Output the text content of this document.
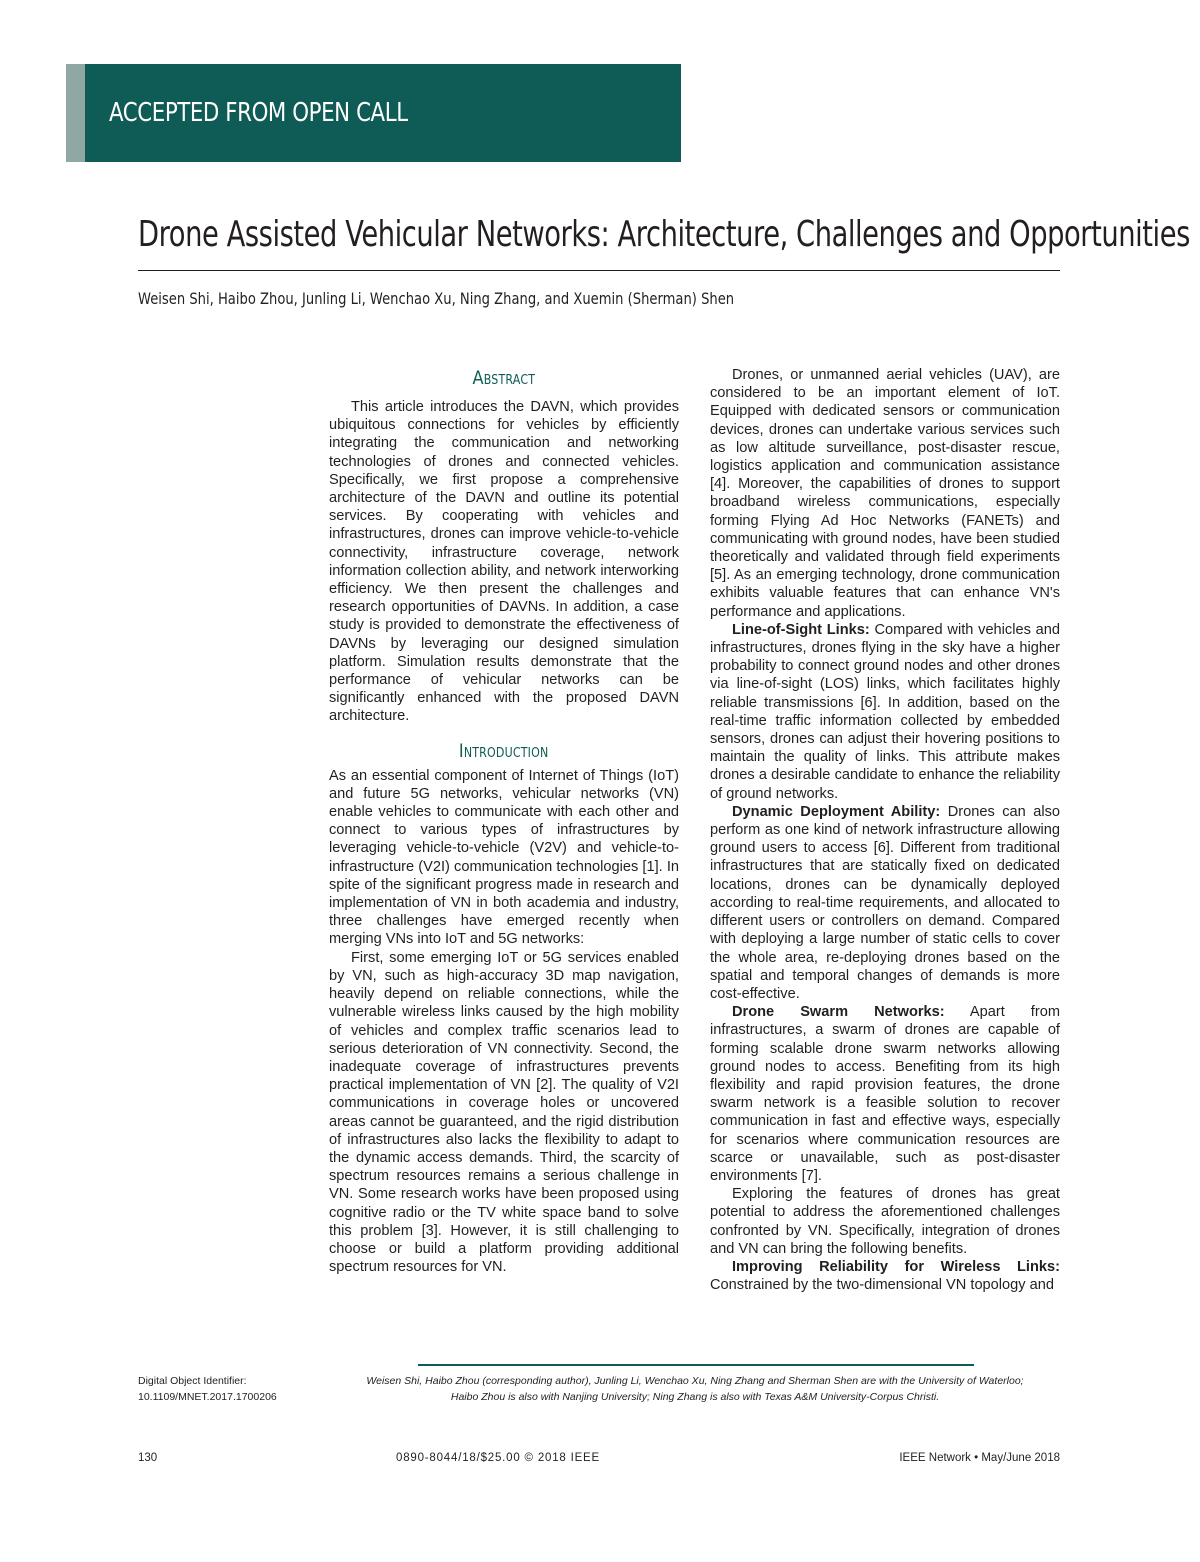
ACCEPTED FROM OPEN CALL
Drone Assisted Vehicular Networks: Architecture, Challenges and Opportunities
Weisen Shi, Haibo Zhou, Junling Li, Wenchao Xu, Ning Zhang, and Xuemin (Sherman) Shen
Abstract

This article introduces the DAVN, which provides ubiquitous connections for vehicles by efficiently integrating the communication and networking technologies of drones and connected vehicles. Specifically, we first propose a comprehensive architecture of the DAVN and outline its potential services. By cooperating with vehicles and infrastructures, drones can improve vehicle-to-vehicle connectivity, infrastructure coverage, network information collection ability, and network interworking efficiency. We then present the challenges and research opportunities of DAVNs. In addition, a case study is provided to demonstrate the effectiveness of DAVNs by leveraging our designed simulation platform. Simulation results demonstrate that the performance of vehicular networks can be significantly enhanced with the proposed DAVN architecture.

Introduction

As an essential component of Internet of Things (IoT) and future 5G networks, vehicular networks (VN) enable vehicles to communicate with each other and connect to various types of infrastructures by leveraging vehicle-to-vehicle (V2V) and vehicle-to-infrastructure (V2I) communication technologies [1]. In spite of the significant progress made in research and implementation of VN in both academia and industry, three challenges have emerged recently when merging VNs into IoT and 5G networks:

First, some emerging IoT or 5G services enabled by VN, such as high-accuracy 3D map navigation, heavily depend on reliable connections, while the vulnerable wireless links caused by the high mobility of vehicles and complex traffic scenarios lead to serious deterioration of VN connectivity. Second, the inadequate coverage of infrastructures prevents practical implementation of VN [2]. The quality of V2I communications in coverage holes or uncovered areas cannot be guaranteed, and the rigid distribution of infrastructures also lacks the flexibility to adapt to the dynamic access demands. Third, the scarcity of spectrum resources remains a serious challenge in VN. Some research works have been proposed using cognitive radio or the TV white space band to solve this problem [3]. However, it is still challenging to choose or build a platform providing additional spectrum resources for VN.

Drones, or unmanned aerial vehicles (UAV), are considered to be an important element of IoT. Equipped with dedicated sensors or communication devices, drones can undertake various services such as low altitude surveillance, post-disaster rescue, logistics application and communication assistance [4]. Moreover, the capabilities of drones to support broadband wireless communications, especially forming Flying Ad Hoc Networks (FANETs) and communicating with ground nodes, have been studied theoretically and validated through field experiments [5]. As an emerging technology, drone communication exhibits valuable features that can enhance VN's performance and applications.

Line-of-Sight Links: Compared with vehicles and infrastructures, drones flying in the sky have a higher probability to connect ground nodes and other drones via line-of-sight (LOS) links, which facilitates highly reliable transmissions [6]. In addition, based on the real-time traffic information collected by embedded sensors, drones can adjust their hovering positions to maintain the quality of links. This attribute makes drones a desirable candidate to enhance the reliability of ground networks.

Dynamic Deployment Ability: Drones can also perform as one kind of network infrastructure allowing ground users to access [6]. Different from traditional infrastructures that are statically fixed on dedicated locations, drones can be dynamically deployed according to real-time requirements, and allocated to different users or controllers on demand. Compared with deploying a large number of static cells to cover the whole area, re-deploying drones based on the spatial and temporal changes of demands is more cost-effective.

Drone Swarm Networks: Apart from infrastructures, a swarm of drones are capable of forming scalable drone swarm networks allowing ground nodes to access. Benefiting from its high flexibility and rapid provision features, the drone swarm network is a feasible solution to recover communication in fast and effective ways, especially for scenarios where communication resources are scarce or unavailable, such as post-disaster environments [7].

Exploring the features of drones has great potential to address the aforementioned challenges confronted by VN. Specifically, integration of drones and VN can bring the following benefits.

Improving Reliability for Wireless Links: Constrained by the two-dimensional VN topology and

Weisen Shi, Haibo Zhou (corresponding author), Junling Li, Wenchao Xu, Ning Zhang and Sherman Shen are with the University of Waterloo;
Haibo Zhou is also with Nanjing University; Ning Zhang is also with Texas A&M University-Corpus Christi.
Digital Object Identifier:
10.1109/MNET.2017.1700206
130	0890-8044/18/$25.00 © 2018 IEEE	IEEE Network • May/June 2018
